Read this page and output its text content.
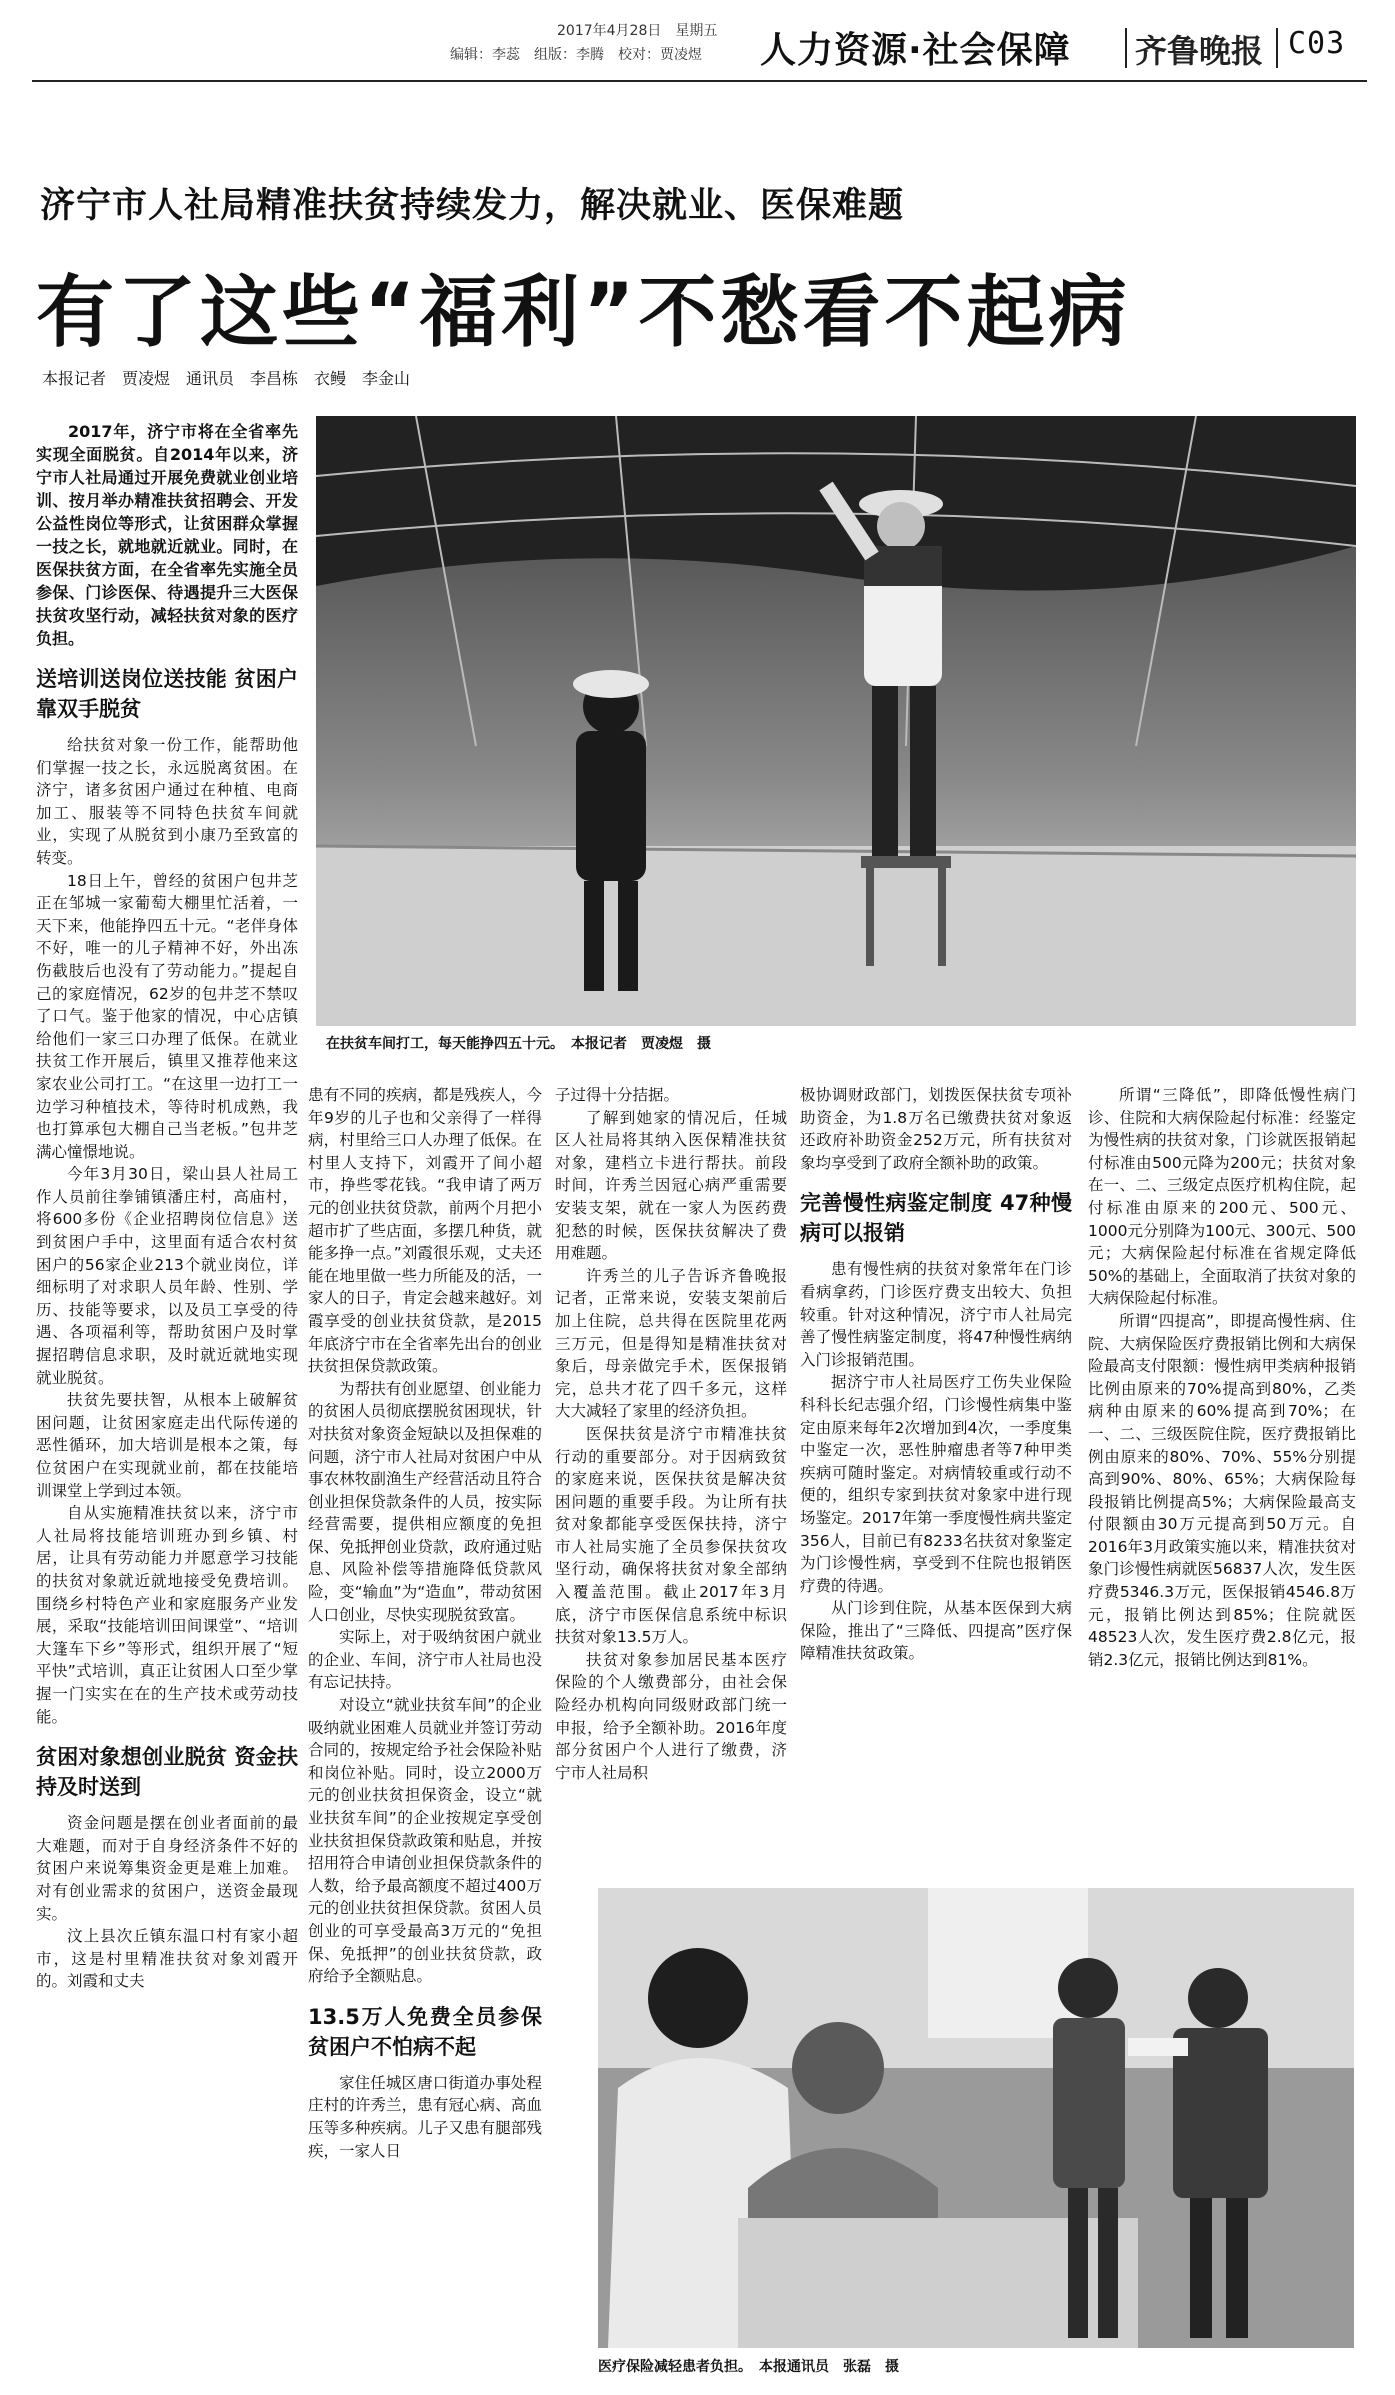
2017年4月28日　星期五
编辑：李蕊　组版：李腾　校对：贾凌煜 人力资源·社会保障 齐鲁晚报 C03
济宁市人社局精准扶贫持续发力，解决就业、医保难题
有了这些“福利”不愁看不起病
本报记者　贾凌煜　通讯员　李昌栋　衣鳗　李金山
在扶贫车间打工，每天能挣四五十元。　本报记者　贾凌煜　摄

2017年，济宁市将在全省率先实现全面脱贫。自2014年以来，济宁市人社局通过开展免费就业创业培训、按月举办精准扶贫招聘会、开发公益性岗位等形式，让贫困群众掌握一技之长，就地就近就业。同时，在医保扶贫方面，在全省率先实施全员参保、门诊医保、待遇提升三大医保扶贫攻坚行动，减轻扶贫对象的医疗负担。

送培训送岗位送技能 贫困户靠双手脱贫

给扶贫对象一份工作，能帮助他们掌握一技之长，永远脱离贫困。在济宁，诸多贫困户通过在种植、电商加工、服装等不同特色扶贫车间就业，实现了从脱贫到小康乃至致富的转变。

18日上午，曾经的贫困户包井芝正在邹城一家葡萄大棚里忙活着，一天下来，他能挣四五十元。“老伴身体不好，唯一的儿子精神不好，外出冻伤截肢后也没有了劳动能力。”提起自己的家庭情况，62岁的包井芝不禁叹了口气。鉴于他家的情况，中心店镇给他们一家三口办理了低保。在就业扶贫工作开展后，镇里又推荐他来这家农业公司打工。“在这里一边打工一边学习种植技术，等待时机成熟，我也打算承包大棚自己当老板。”包井芝满心憧憬地说。

今年3月30日，梁山县人社局工作人员前往拳铺镇潘庄村，高庙村，将600多份《企业招聘岗位信息》送到贫困户手中，这里面有适合农村贫困户的56家企业213个就业岗位，详细标明了对求职人员年龄、性别、学历、技能等要求，以及员工享受的待遇、各项福利等，帮助贫困户及时掌握招聘信息求职，及时就近就地实现就业脱贫。

扶贫先要扶智，从根本上破解贫困问题，让贫困家庭走出代际传递的恶性循环，加大培训是根本之策，每位贫困户在实现就业前，都在技能培训课堂上学到过本领。

自从实施精准扶贫以来，济宁市人社局将技能培训班办到乡镇、村居，让具有劳动能力并愿意学习技能的扶贫对象就近就地接受免费培训。围绕乡村特色产业和家庭服务产业发展，采取“技能培训田间课堂”、“培训大篷车下乡”等形式，组织开展了“短平快”式培训，真正让贫困人口至少掌握一门实实在在的生产技术或劳动技能。

贫困对象想创业脱贫 资金扶持及时送到

资金问题是摆在创业者面前的最大难题，而对于自身经济条件不好的贫困户来说筹集资金更是难上加难。对有创业需求的贫困户，送资金最现实。

汶上县次丘镇东温口村有家小超市，这是村里精准扶贫对象刘霞开的。刘霞和丈夫

患有不同的疾病，都是残疾人，今年9岁的儿子也和父亲得了一样得病，村里给三口人办理了低保。在村里人支持下，刘霞开了间小超市，挣些零花钱。“我申请了两万元的创业扶贫贷款，前两个月把小超市扩了些店面，多摆几种货，就能多挣一点。”刘霞很乐观，丈夫还能在地里做一些力所能及的活，一家人的日子，肯定会越来越好。刘霞享受的创业扶贫贷款，是2015年底济宁市在全省率先出台的创业扶贫担保贷款政策。

为帮扶有创业愿望、创业能力的贫困人员彻底摆脱贫困现状，针对扶贫对象资金短缺以及担保难的问题，济宁市人社局对贫困户中从事农林牧副渔生产经营活动且符合创业担保贷款条件的人员，按实际经营需要，提供相应额度的免担保、免抵押创业贷款，政府通过贴息、风险补偿等措施降低贷款风险，变“输血”为“造血”，带动贫困人口创业，尽快实现脱贫致富。

实际上，对于吸纳贫困户就业的企业、车间，济宁市人社局也没有忘记扶持。

对设立“就业扶贫车间”的企业吸纳就业困难人员就业并签订劳动合同的，按规定给予社会保险补贴和岗位补贴。同时，设立2000万元的创业扶贫担保资金，设立“就业扶贫车间”的企业按规定享受创业扶贫担保贷款政策和贴息，并按招用符合申请创业担保贷款条件的人数，给予最高额度不超过400万元的创业扶贫担保贷款。贫困人员创业的可享受最高3万元的“免担保、免抵押”的创业扶贫贷款，政府给予全额贴息。

13.5万人免费全员参保 贫困户不怕病不起

家住任城区唐口街道办事处程庄村的许秀兰，患有冠心病、高血压等多种疾病。儿子又患有腿部残疾，一家人日

子过得十分拮据。

了解到她家的情况后，任城区人社局将其纳入医保精准扶贫对象，建档立卡进行帮扶。前段时间，许秀兰因冠心病严重需要安装支架，就在一家人为医药费犯愁的时候，医保扶贫解决了费用难题。

许秀兰的儿子告诉齐鲁晚报记者，正常来说，安装支架前后加上住院，总共得在医院里花两三万元，但是得知是精准扶贫对象后，母亲做完手术，医保报销完，总共才花了四千多元，这样大大减轻了家里的经济负担。

医保扶贫是济宁市精准扶贫行动的重要部分。对于因病致贫的家庭来说，医保扶贫是解决贫困问题的重要手段。为让所有扶贫对象都能享受医保扶持，济宁市人社局实施了全员参保扶贫攻坚行动，确保将扶贫对象全部纳入覆盖范围。截止2017年3月底，济宁市医保信息系统中标识扶贫对象13.5万人。

扶贫对象参加居民基本医疗保险的个人缴费部分，由社会保险经办机构向同级财政部门统一申报，给予全额补助。2016年度部分贫困户个人进行了缴费，济宁市人社局积

极协调财政部门，划拨医保扶贫专项补助资金，为1.8万名已缴费扶贫对象返还政府补助资金252万元，所有扶贫对象均享受到了政府全额补助的政策。

完善慢性病鉴定制度 47种慢病可以报销

患有慢性病的扶贫对象常年在门诊看病拿药，门诊医疗费支出较大、负担较重。针对这种情况，济宁市人社局完善了慢性病鉴定制度，将47种慢性病纳入门诊报销范围。

据济宁市人社局医疗工伤失业保险科科长纪志强介绍，门诊慢性病集中鉴定由原来每年2次增加到4次，一季度集中鉴定一次，恶性肿瘤患者等7种甲类疾病可随时鉴定。对病情较重或行动不便的，组织专家到扶贫对象家中进行现场鉴定。2017年第一季度慢性病共鉴定356人，目前已有8233名扶贫对象鉴定为门诊慢性病，享受到不住院也报销医疗费的待遇。

从门诊到住院，从基本医保到大病保险，推出了“三降低、四提高”医疗保障精准扶贫政策。

所谓“三降低”，即降低慢性病门诊、住院和大病保险起付标准：经鉴定为慢性病的扶贫对象，门诊就医报销起付标准由500元降为200元；扶贫对象在一、二、三级定点医疗机构住院，起付标准由原来的200元、500元、1000元分别降为100元、300元、500元；大病保险起付标准在省规定降低50%的基础上，全面取消了扶贫对象的大病保险起付标准。

所谓“四提高”，即提高慢性病、住院、大病保险医疗费报销比例和大病保险最高支付限额：慢性病甲类病种报销比例由原来的70%提高到80%，乙类病种由原来的60%提高到70%；在一、二、三级医院住院，医疗费报销比例由原来的80%、70%、55%分别提高到90%、80%、65%；大病保险每段报销比例提高5%；大病保险最高支付限额由30万元提高到50万元。自2016年3月政策实施以来，精准扶贫对象门诊慢性病就医56837人次，发生医疗费5346.3万元，医保报销4546.8万元，报销比例达到85%；住院就医48523人次，发生医疗费2.8亿元，报销2.3亿元，报销比例达到81%。

医疗保险减轻患者负担。　本报通讯员　张磊　摄
